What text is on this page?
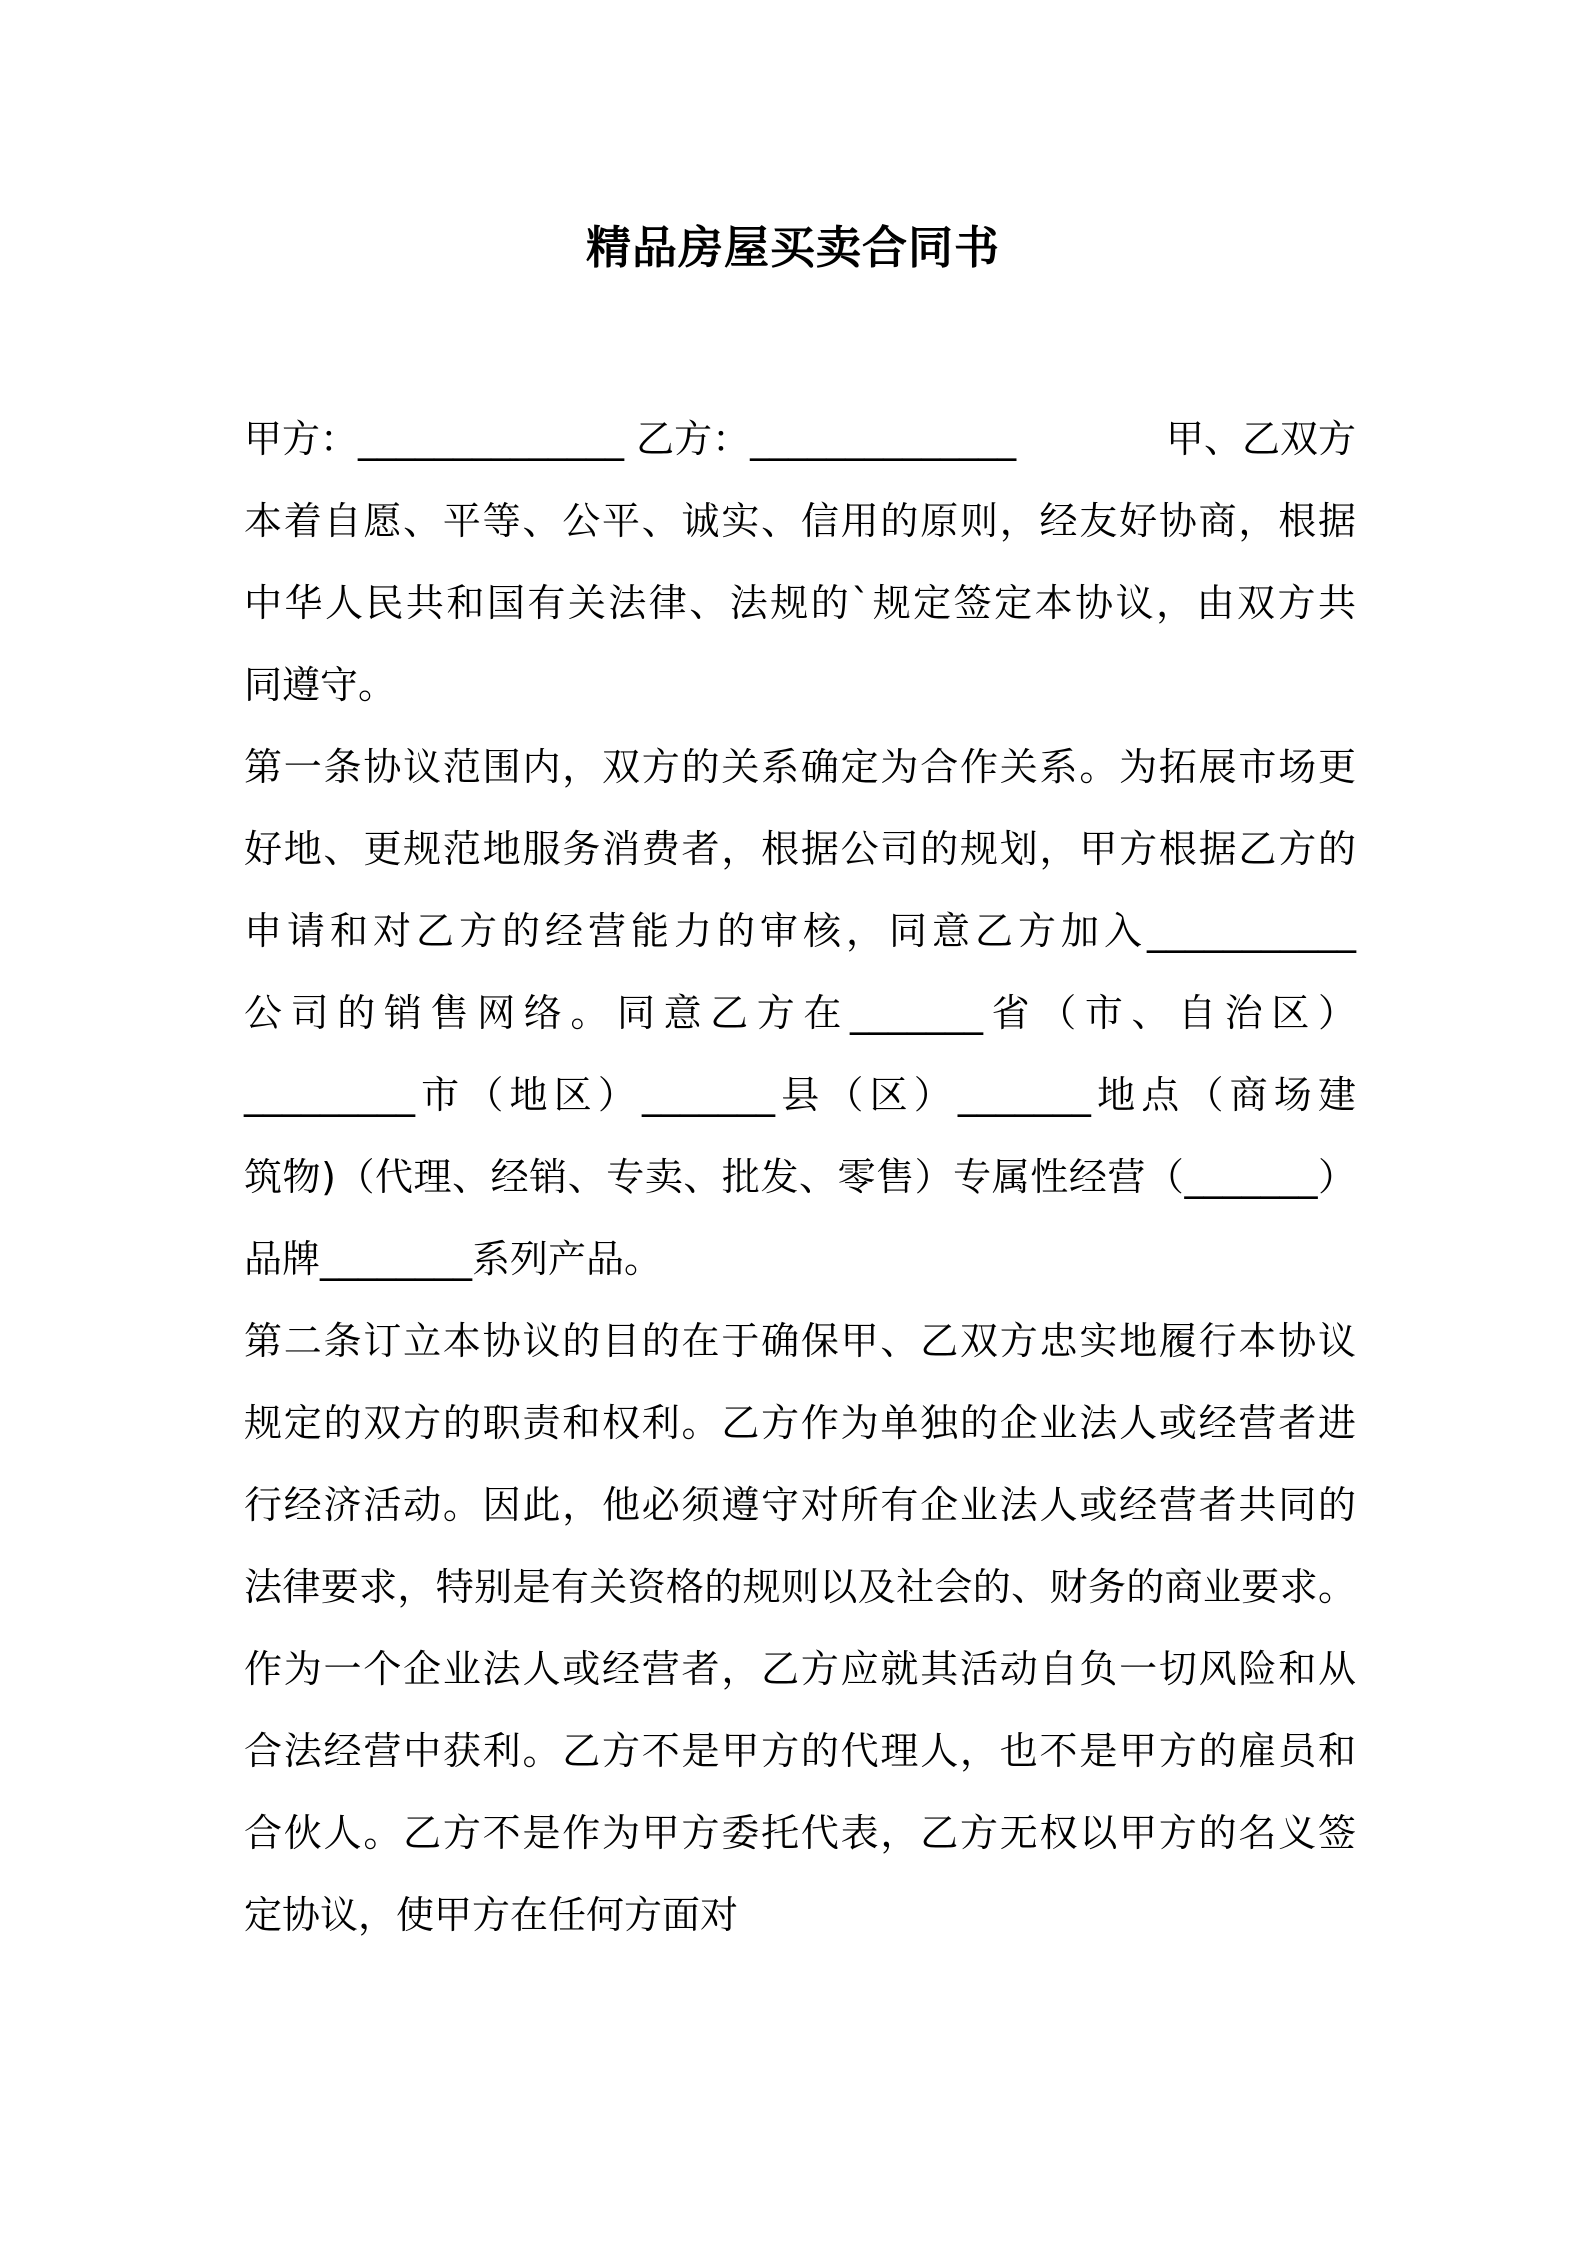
精品房屋买卖合同书
甲方：______________ 乙方：______________	甲、乙双方
本着自愿、平等、公平、诚实、信用的原则，经友好协商，根据
中华人民共和国有关法律、法规的`规定签定本协议，由双方共
同遵守。
第一条协议范围内，双方的关系确定为合作关系。为拓展市场更
好地、更规范地服务消费者，根据公司的规划，甲方根据乙方的
申请和对乙方的经营能力的审核，同意乙方加入___________
公司的销售网络。同意乙方在_______省（市、自治区）
_________市（地区）_______县（区）_______地点（商场建
筑物)（代理、经销、专卖、批发、零售）专属性经营（_______）
品牌________系列产品。
第二条订立本协议的目的在于确保甲、乙双方忠实地履行本协议
规定的双方的职责和权利。乙方作为单独的企业法人或经营者进
行经济活动。因此，他必须遵守对所有企业法人或经营者共同的
法律要求，特别是有关资格的规则以及社会的、财务的商业要求。
作为一个企业法人或经营者，乙方应就其活动自负一切风险和从
合法经营中获利。乙方不是甲方的代理人，也不是甲方的雇员和
合伙人。乙方不是作为甲方委托代表，乙方无权以甲方的名义签
定协议，使甲方在任何方面对
